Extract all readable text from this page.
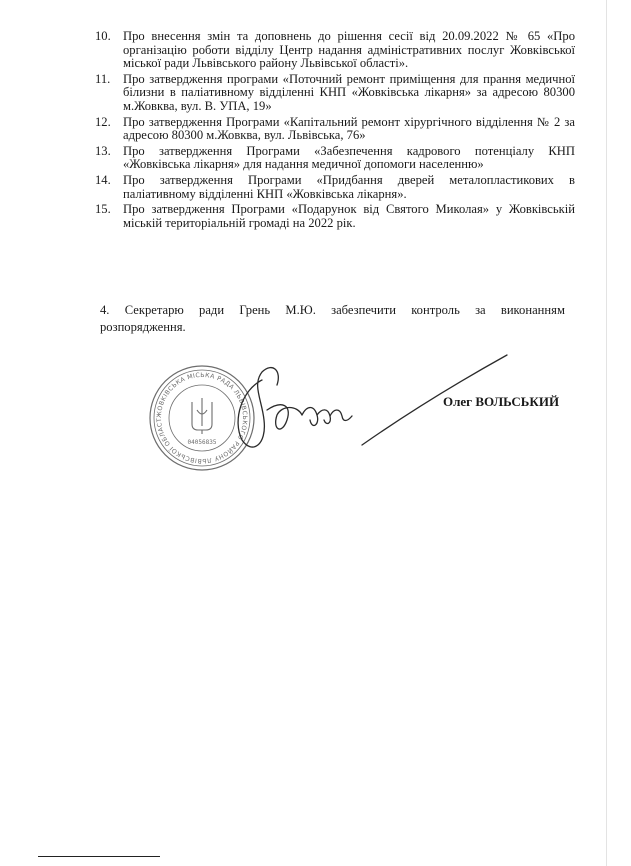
10. Про внесення змін та доповнень до рішення сесії від 20.09.2022 № 65 «Про організацію роботи відділу Центр надання адміністративних послуг Жовківської міської ради Львівського району Львівської області».
11.	Про затвердження програми «Поточний ремонт приміщення для прання медичної білизни в паліативному відділенні КНП «Жовківська лікарня» за адресою 80300 м.Жовква, вул. В. УПА, 19»
12. Про затвердження Програми «Капітальний ремонт хірургічного відділення № 2 за адресою 80300 м.Жовква, вул. Львівська, 76»
13. Про затвердження Програми «Забезпечення кадрового потенціалу КНП «Жовківська лікарня» для надання медичної допомоги населенню»
14. Про затвердження Програми «Придбання дверей металопластикових в паліативному відділенні КНП «Жовківська лікарня».
15. Про затвердження Програми «Подарунок від Святого Миколая» у Жовківській міській територіальній громаді на 2022 рік.
4. Секретарю ради Грень М.Ю. забезпечити контроль за виконанням
розпорядження.
ЖОВКІВСЬКА МІСЬКА РАДА ЛЬВІВСЬКОГО РАЙОНУ ЛЬВІВСЬКОЇ ОБЛАСТ
04056835
Олег ВОЛЬСЬКИЙ
